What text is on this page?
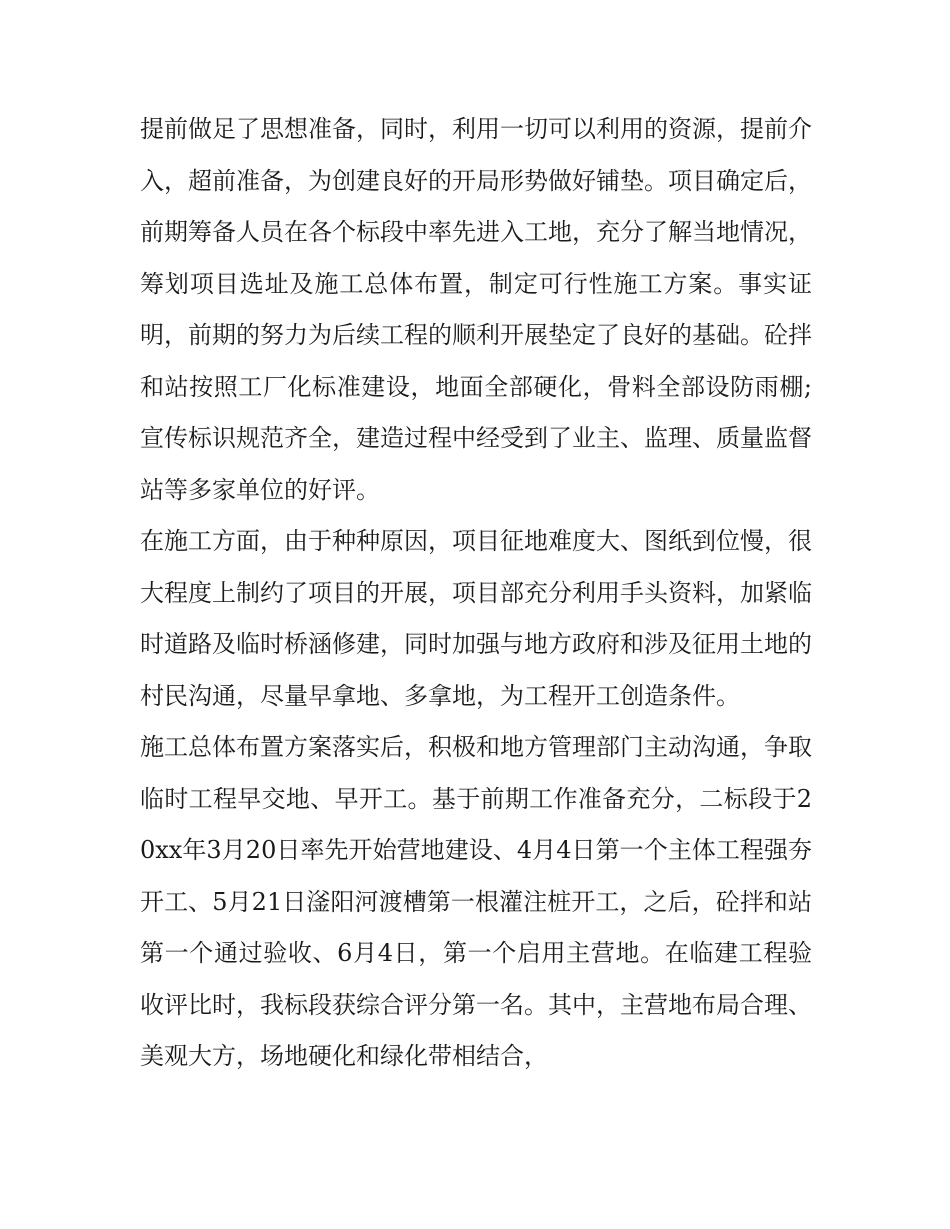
提前做足了思想准备，同时，利用一切可以利用的资源，提前介入，超前准备，为创建良好的开局形势做好铺垫。项目确定后，前期筹备人员在各个标段中率先进入工地，充分了解当地情况，筹划项目选址及施工总体布置，制定可行性施工方案。事实证明，前期的努力为后续工程的顺利开展垫定了良好的基础。砼拌和站按照工厂化标准建设，地面全部硬化，骨料全部设防雨棚;宣传标识规范齐全，建造过程中经受到了业主、监理、质量监督站等多家单位的好评。

在施工方面，由于种种原因，项目征地难度大、图纸到位慢，很大程度上制约了项目的开展，项目部充分利用手头资料，加紧临时道路及临时桥涵修建，同时加强与地方政府和涉及征用土地的村民沟通，尽量早拿地、多拿地，为工程开工创造条件。

施工总体布置方案落实后，积极和地方管理部门主动沟通，争取临时工程早交地、早开工。基于前期工作准备充分，二标段于20xx年3月20日率先开始营地建设、4月4日第一个主体工程强夯开工、5月21日滏阳河渡槽第一根灌注桩开工，之后，砼拌和站第一个通过验收、6月4日，第一个启用主营地。在临建工程验收评比时，我标段获综合评分第一名。其中，主营地布局合理、美观大方，场地硬化和绿化带相结合，
